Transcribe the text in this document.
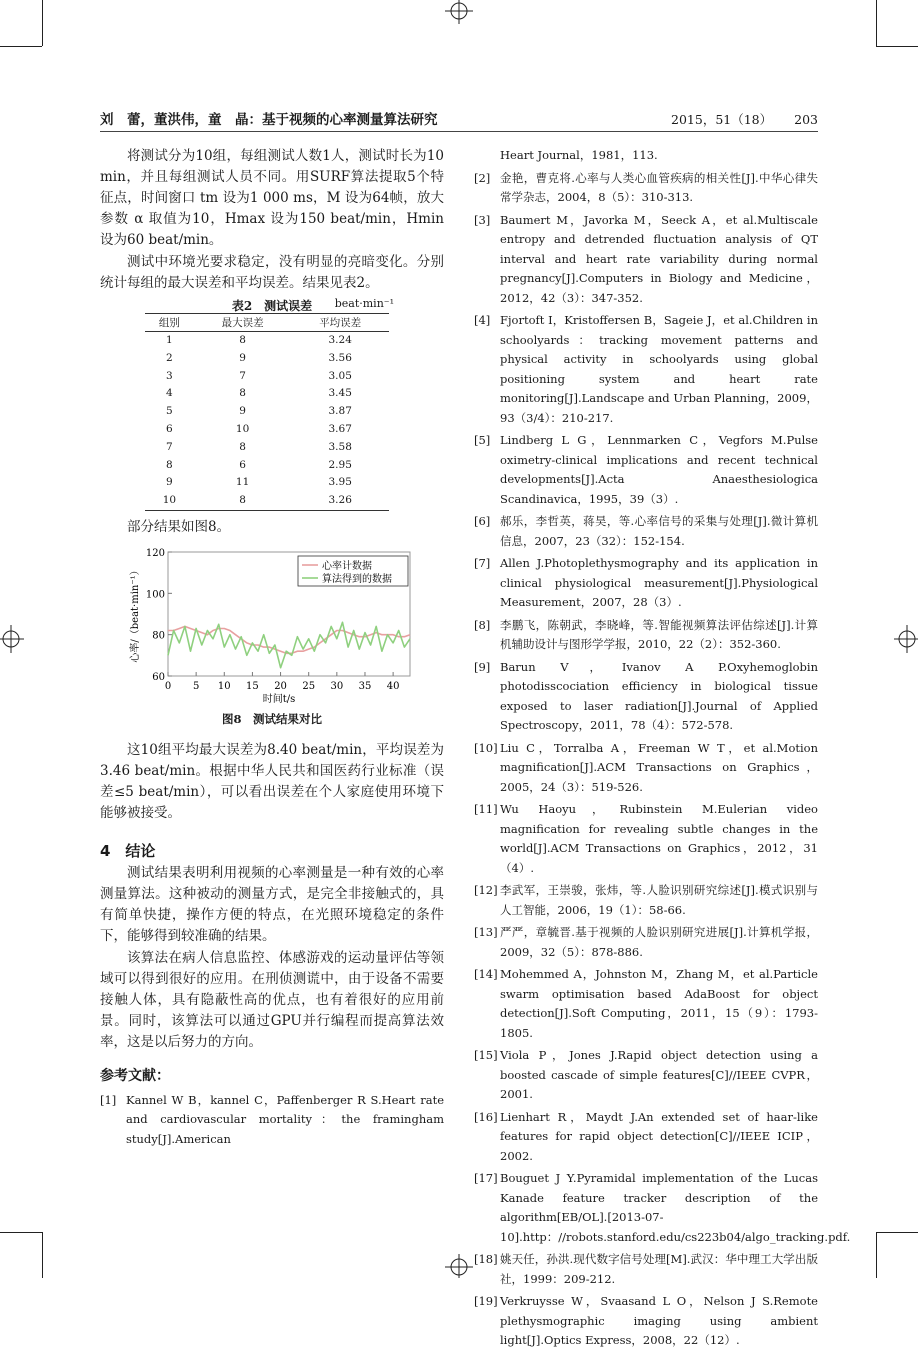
刘　蕾，董洪伟，童　晶：基于视频的心率测量算法研究	2015，51（18） 203

将测试分为10组，每组测试人数1人，测试时长为10 min，并且每组测试人员不同。用SURF算法提取5个特征点，时间窗口 tm 设为1 000 ms，M 设为64帧，放大参数 α 取值为10，Hmax 设为150 beat/min，Hmin 设为60 beat/min。

测试中环境光要求稳定，没有明显的亮暗变化。分别统计每组的最大误差和平均误差。结果见表2。

表2　测试误差 beat·min⁻¹
组别	最大误差	平均误差
1	8	3.24
2	9	3.56
3	7	3.05
4	8	3.45
5	9	3.87
6	10	3.67
7	8	3.58
8	6	2.95
9	11	3.95
10	8	3.26

部分结果如图8。

60
80
100
120
0 5 10 15 20 25 30 35 40
时间t/s
心率/（beat·min⁻¹）	心率计数据
算法得到的数据
图8　测试结果对比

这10组平均最大误差为8.40 beat/min，平均误差为3.46 beat/min。根据中华人民共和国医药行业标准（误差≤5 beat/min），可以看出误差在个人家庭使用环境下能够被接受。

4　结论

测试结果表明利用视频的心率测量是一种有效的心率测量算法。这种被动的测量方式，是完全非接触式的，具有简单快捷，操作方便的特点，在光照环境稳定的条件下，能够得到较准确的结果。

该算法在病人信息监控、体感游戏的运动量评估等领域可以得到很好的应用。在刑侦测谎中，由于设备不需要接触人体，具有隐蔽性高的优点，也有着很好的应用前景。同时，该算法可以通过GPU并行编程而提高算法效率，这是以后努力的方向。

参考文献：

[1] Kannel W B，kannel C，Paffenberger R S.Heart rate and cardiovascular mortality：the framingham study[J].American
Heart Journal，1981，113.
[2] 金艳，曹克将.心率与人类心血管疾病的相关性[J].中华心律失常学杂志，2004，8（5）：310-313.
[3] Baumert M，Javorka M，Seeck A，et al.Multiscale entropy and detrended fluctuation analysis of QT interval and heart rate variability during normal pregnancy[J].Computers in Biology and Medicine，2012，42（3）：347-352.
[4] Fjortoft I，Kristoffersen B，Sageie J，et al.Children in schoolyards：tracking movement patterns and physical activity in schoolyards using global positioning system and heart rate monitoring[J].Landscape and Urban Planning，2009，93（3/4）：210-217.
[5] Lindberg L G，Lennmarken C，Vegfors M.Pulse oximetry-clinical implications and recent technical developments[J].Acta Anaesthesiologica Scandinavica，1995，39（3）.
[6] 郝乐，李哲英，蒋昊，等.心率信号的采集与处理[J].微计算机信息，2007，23（32）：152-154.
[7] Allen J.Photoplethysmography and its application in clinical physiological measurement[J].Physiological Measurement，2007，28（3）.
[8] 李鹏飞，陈朝武，李晓峰，等.智能视频算法评估综述[J].计算机辅助设计与图形学学报，2010，22（2）：352-360.
[9] Barun V，Ivanov A P.Oxyhemoglobin photodisscociation efficiency in biological tissue exposed to laser radiation[J].Journal of Applied Spectroscopy，2011，78（4）：572-578.
[10] Liu C，Torralba A，Freeman W T，et al.Motion magnification[J].ACM Transactions on Graphics，2005，24（3）：519-526.
[11] Wu Haoyu，Rubinstein M.Eulerian video magnification for revealing subtle changes in the world[J].ACM Transactions on Graphics，2012，31（4）.
[12] 李武军，王崇骏，张炜，等.人脸识别研究综述[J].模式识别与人工智能，2006，19（1）：58-66.
[13] 严严，章毓晋.基于视频的人脸识别研究进展[J].计算机学报，2009，32（5）：878-886.
[14] Mohemmed A，Johnston M，Zhang M，et al.Particle swarm optimisation based AdaBoost for object detection[J].Soft Computing，2011，15（9）：1793-1805.
[15] Viola P，Jones J.Rapid object detection using a boosted cascade of simple features[C]//IEEE CVPR，2001.
[16] Lienhart R，Maydt J.An extended set of haar-like features for rapid object detection[C]//IEEE ICIP，2002.
[17] Bouguet J Y.Pyramidal implementation of the Lucas Kanade feature tracker description of the algorithm[EB/OL].[2013-07-10].http：//robots.stanford.edu/cs223b04/algo_tracking.pdf.
[18] 姚天任，孙洪.现代数字信号处理[M].武汉：华中理工大学出版社，1999：209-212.
[19] Verkruysse W，Svaasand L O，Nelson J S.Remote plethysmographic imaging using ambient light[J].Optics Express，2008，22（12）.
